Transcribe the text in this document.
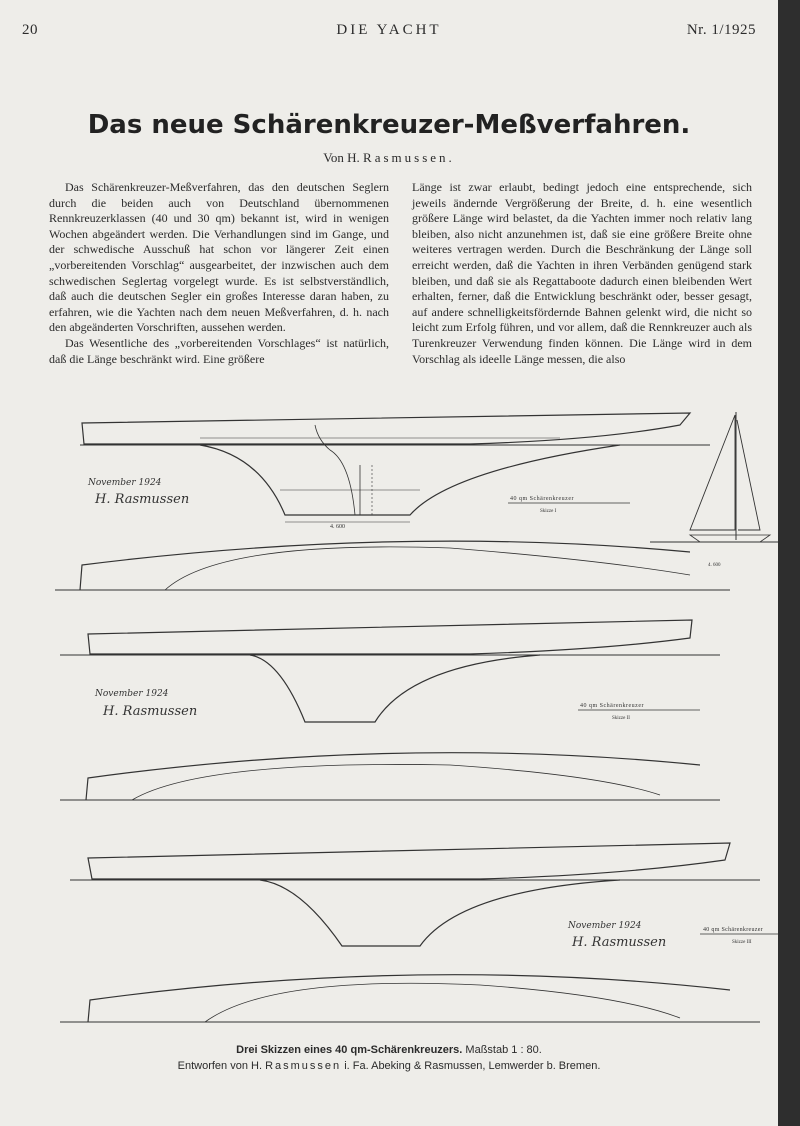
20	DIE YACHT	Nr. 1/1925
Das neue Schärenkreuzer-Meßverfahren.
Von H. Rasmussen.

Das Schärenkreuzer-Meßverfahren, das den deutschen Seglern durch die beiden auch von Deutschland übernommenen Rennkreuzerklassen (40 und 30 qm) bekannt ist, wird in wenigen Wochen abgeändert werden. Die Verhandlungen sind im Gange, und der schwedische Ausschuß hat schon vor längerer Zeit einen „vorbereitenden Vorschlag“ ausgearbeitet, der inzwischen auch dem schwedischen Seglertag vorgelegt wurde. Es ist selbstverständlich, daß auch die deutschen Segler ein großes Interesse daran haben, zu erfahren, wie die Yachten nach dem neuen Meßverfahren, d. h. nach den abgeänderten Vorschriften, aussehen werden.

Das Wesentliche des „vorbereitenden Vorschlages“ ist natürlich, daß die Länge beschränkt wird. Eine größere

Länge ist zwar erlaubt, bedingt jedoch eine entsprechende, sich jeweils ändernde Vergrößerung der Breite, d. h. eine wesentlich größere Länge wird belastet, da die Yachten immer noch relativ lang bleiben, also nicht anzunehmen ist, daß sie eine größere Breite ohne weiteres vertragen werden. Durch die Beschränkung der Länge soll erreicht werden, daß die Yachten in ihren Verbänden genügend stark bleiben, und daß sie als Regattaboote dadurch einen bleibenden Wert erhalten, ferner, daß die Entwicklung beschränkt oder, besser gesagt, auf andere schnelligkeitsfördernde Bahnen gelenkt wird, die nicht so leicht zum Erfolg führen, und vor allem, daß die Rennkreuzer auch als Turenkreuzer Verwendung finden können. Die Länge wird in dem Vorschlag als ideelle Länge messen, die also

4. 600
November 1924
H. Rasmussen	40 qm Schärenkreuzer
Skizze I
4. 600
November 1924
H. Rasmussen	40 qm Schärenkreuzer
Skizze II
November 1924
H. Rasmussen
40 qm Schärenkreuzer
Skizze III
Drei Skizzen eines 40 qm-Schärenkreuzers. Maßstab 1 : 80.
Entworfen von H. Rasmussen i. Fa. Abeking & Rasmussen, Lemwerder b. Bremen.
